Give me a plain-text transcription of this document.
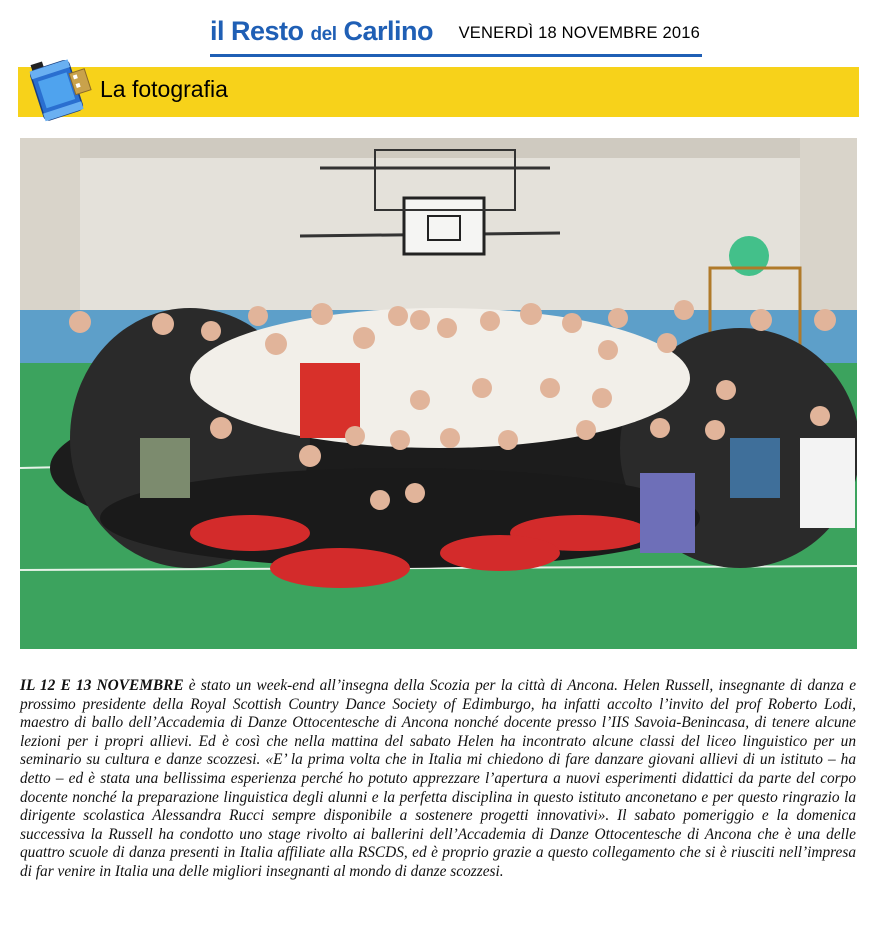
il Resto del Carlino VENERDÌ 18 NOVEMBRE 2016
La fotografia
IL 12 E 13 NOVEMBRE è stato un week-end all’insegna della Scozia per la città di Ancona. Helen Russell, insegnante di danza e prossimo presidente della Royal Scottish Country Dance Society of Edimburgo, ha infatti accolto l’invito del prof Roberto Lodi, maestro di ballo dell’Accademia di Danze Ottocentesche di Ancona nonché docente presso l’IIS Savoia-Benincasa, di tenere alcune lezioni per i propri allievi. Ed è così che nella mattina del sabato Helen ha incontrato alcune classi del liceo linguistico per un seminario su cultura e danze scozzesi. «E’ la prima volta che in Italia mi chiedono di fare danzare giovani allievi di un istituto – ha detto – ed è stata una bellissima esperienza perché ho potuto apprezzare l’apertura a nuovi esperimenti didattici da parte del corpo docente nonché la preparazione linguistica degli alunni e la perfetta disciplina in questo istituto anconetano e per questo ringrazio la dirigente scolastica Alessandra Rucci sempre disponibile a sostenere progetti innovativi». Il sabato pomeriggio e la domenica successiva la Russell ha condotto uno stage rivolto ai ballerini dell’Accademia di Danze Ottocentesche di Ancona che è una delle quattro scuole di danza presenti in Italia affiliate alla RSCDS, ed è proprio grazie a questo collegamento che si è riusciti nell’impresa di far venire in Italia una delle migliori insegnanti al mondo di danze scozzesi.
